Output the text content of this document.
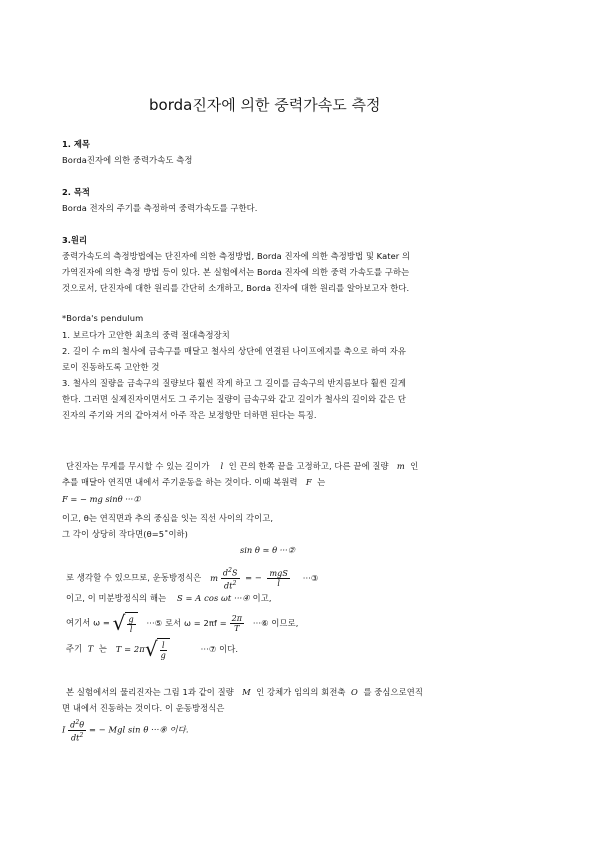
borda진자에 의한 중력가속도 측정
1. 제목
Borda진자에 의한 중력가속도 측정
2. 목적
Borda 전자의 주기를 측정하여 중력가속도를 구한다.
3.원리
중력가속도의 측정방법에는 단진자에 의한 측정방법, Borda 진자에 의한 측정방법 및 Kater 의
가역진자에 의한 측정 방법 등이 있다. 본 실험에서는 Borda 진자에 의한 중력 가속도를 구하는
것으로서, 단진자에 대한 원리를 간단히 소개하고, Borda 진자에 대한 원리를 알아보고자 한다.
*Borda's pendulum
1. 보르다가 고안한 최초의 중력 절대측정장치
2. 길이 수 m의 철사에 금속구를 매달고 철사의 상단에 연결된 나이프에지를 축으로 하여 자유
로이 진동하도록 고안한 것
3. 철사의 질량을 금속구의 질량보다 훨씬 작게 하고 그 길이를 금속구의 반지름보다 훨씬 길게
한다. 그러면 실제진자이면서도 그 주기는 질량이 금속구와 같고 길이가 철사의 길이와 같은 단
진자의 주기와 거의 같아져서 아주 작은 보정항만 더하면 된다는 특징.
단진자는 무게를 무시할 수 있는 길이가    l  인 끈의 한쪽 끝을 고정하고, 다른 끝에 질량   m  인
추를 매달아 연직면 내에서 주기운동을 하는 것이다. 이때 복원력   F  는
F = − mg sinθ ···①
이고, θ는 연직면과 추의 중심을 잇는 직선 사이의 각이고,
그 각이 상당히 작다면(θ=5˚이하)
sin θ ≃ θ ···②
로 생각할 수 있으므로, 운동방정식은 m $\frac{d^2S}{dt^2}$ = − $\frac{\text{mgS}}{l}$ ···③
이고, 이 미분방정식의 해는 S = A cos ωt ···④ 이고,
여기서 ω = √ $\frac{g}{l}$ ···⑤ 로서 $\omega = 2\pi f = \frac{2\pi}{T}$ ···⑥ 이므로,
주기  T  는 T = 2π √ $\frac{l}{g}$	···⑦ 이다.
본 실험에서의 물리진자는 그림 1과 같이 질량   M  인 강체가 임의의 회전축  O  를 중심으로연직
면 내에서 진동하는 것이다. 이 운동방정식은
I $\frac{d^2\theta}{dt^2}$ = − Mgl sin θ ···⑧ 이다.
